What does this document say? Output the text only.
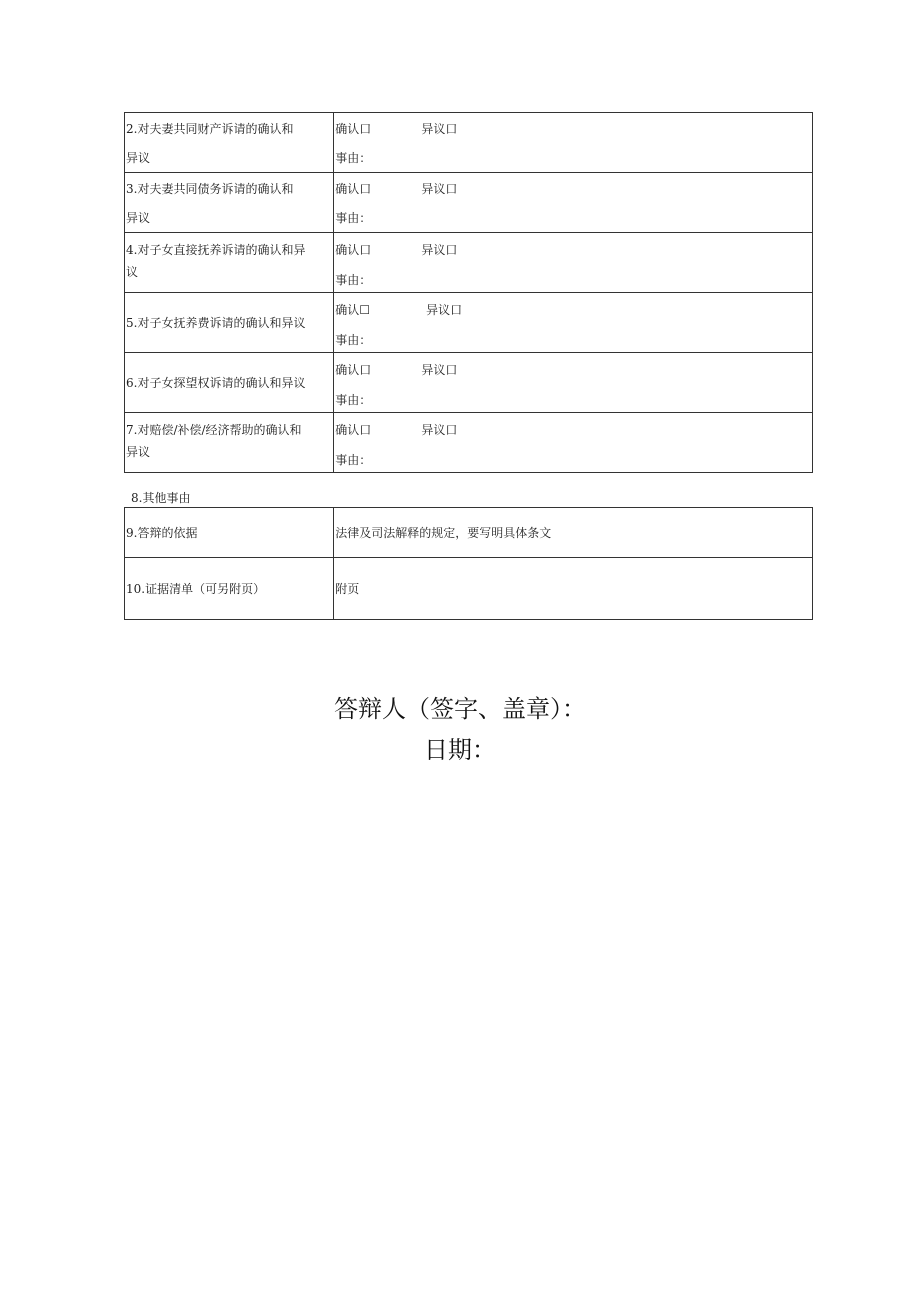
2.对夫妻共同财产诉请的确认和
异议	确认口 异议口
事由：

3.对夫妻共同债务诉请的确认和
异议	确认口 异议口
事由：

4.对子女直接抚养诉请的确认和异
议	确认口 异议口
事由：

5.对子女抚养费诉请的确认和异议	确认☐ 异议口
事由：

6.对子女探望权诉请的确认和异议	确认口 异议口
事由：

7.对赔偿/补偿/经济帮助的确认和
异议	确认口 异议口
事由：

8.其他事由

9.答辩的依据	法律及司法解释的规定，要写明具体条文
10.证据清单（可另附页）	附页

答辩人（签字、盖章）：

日期：
